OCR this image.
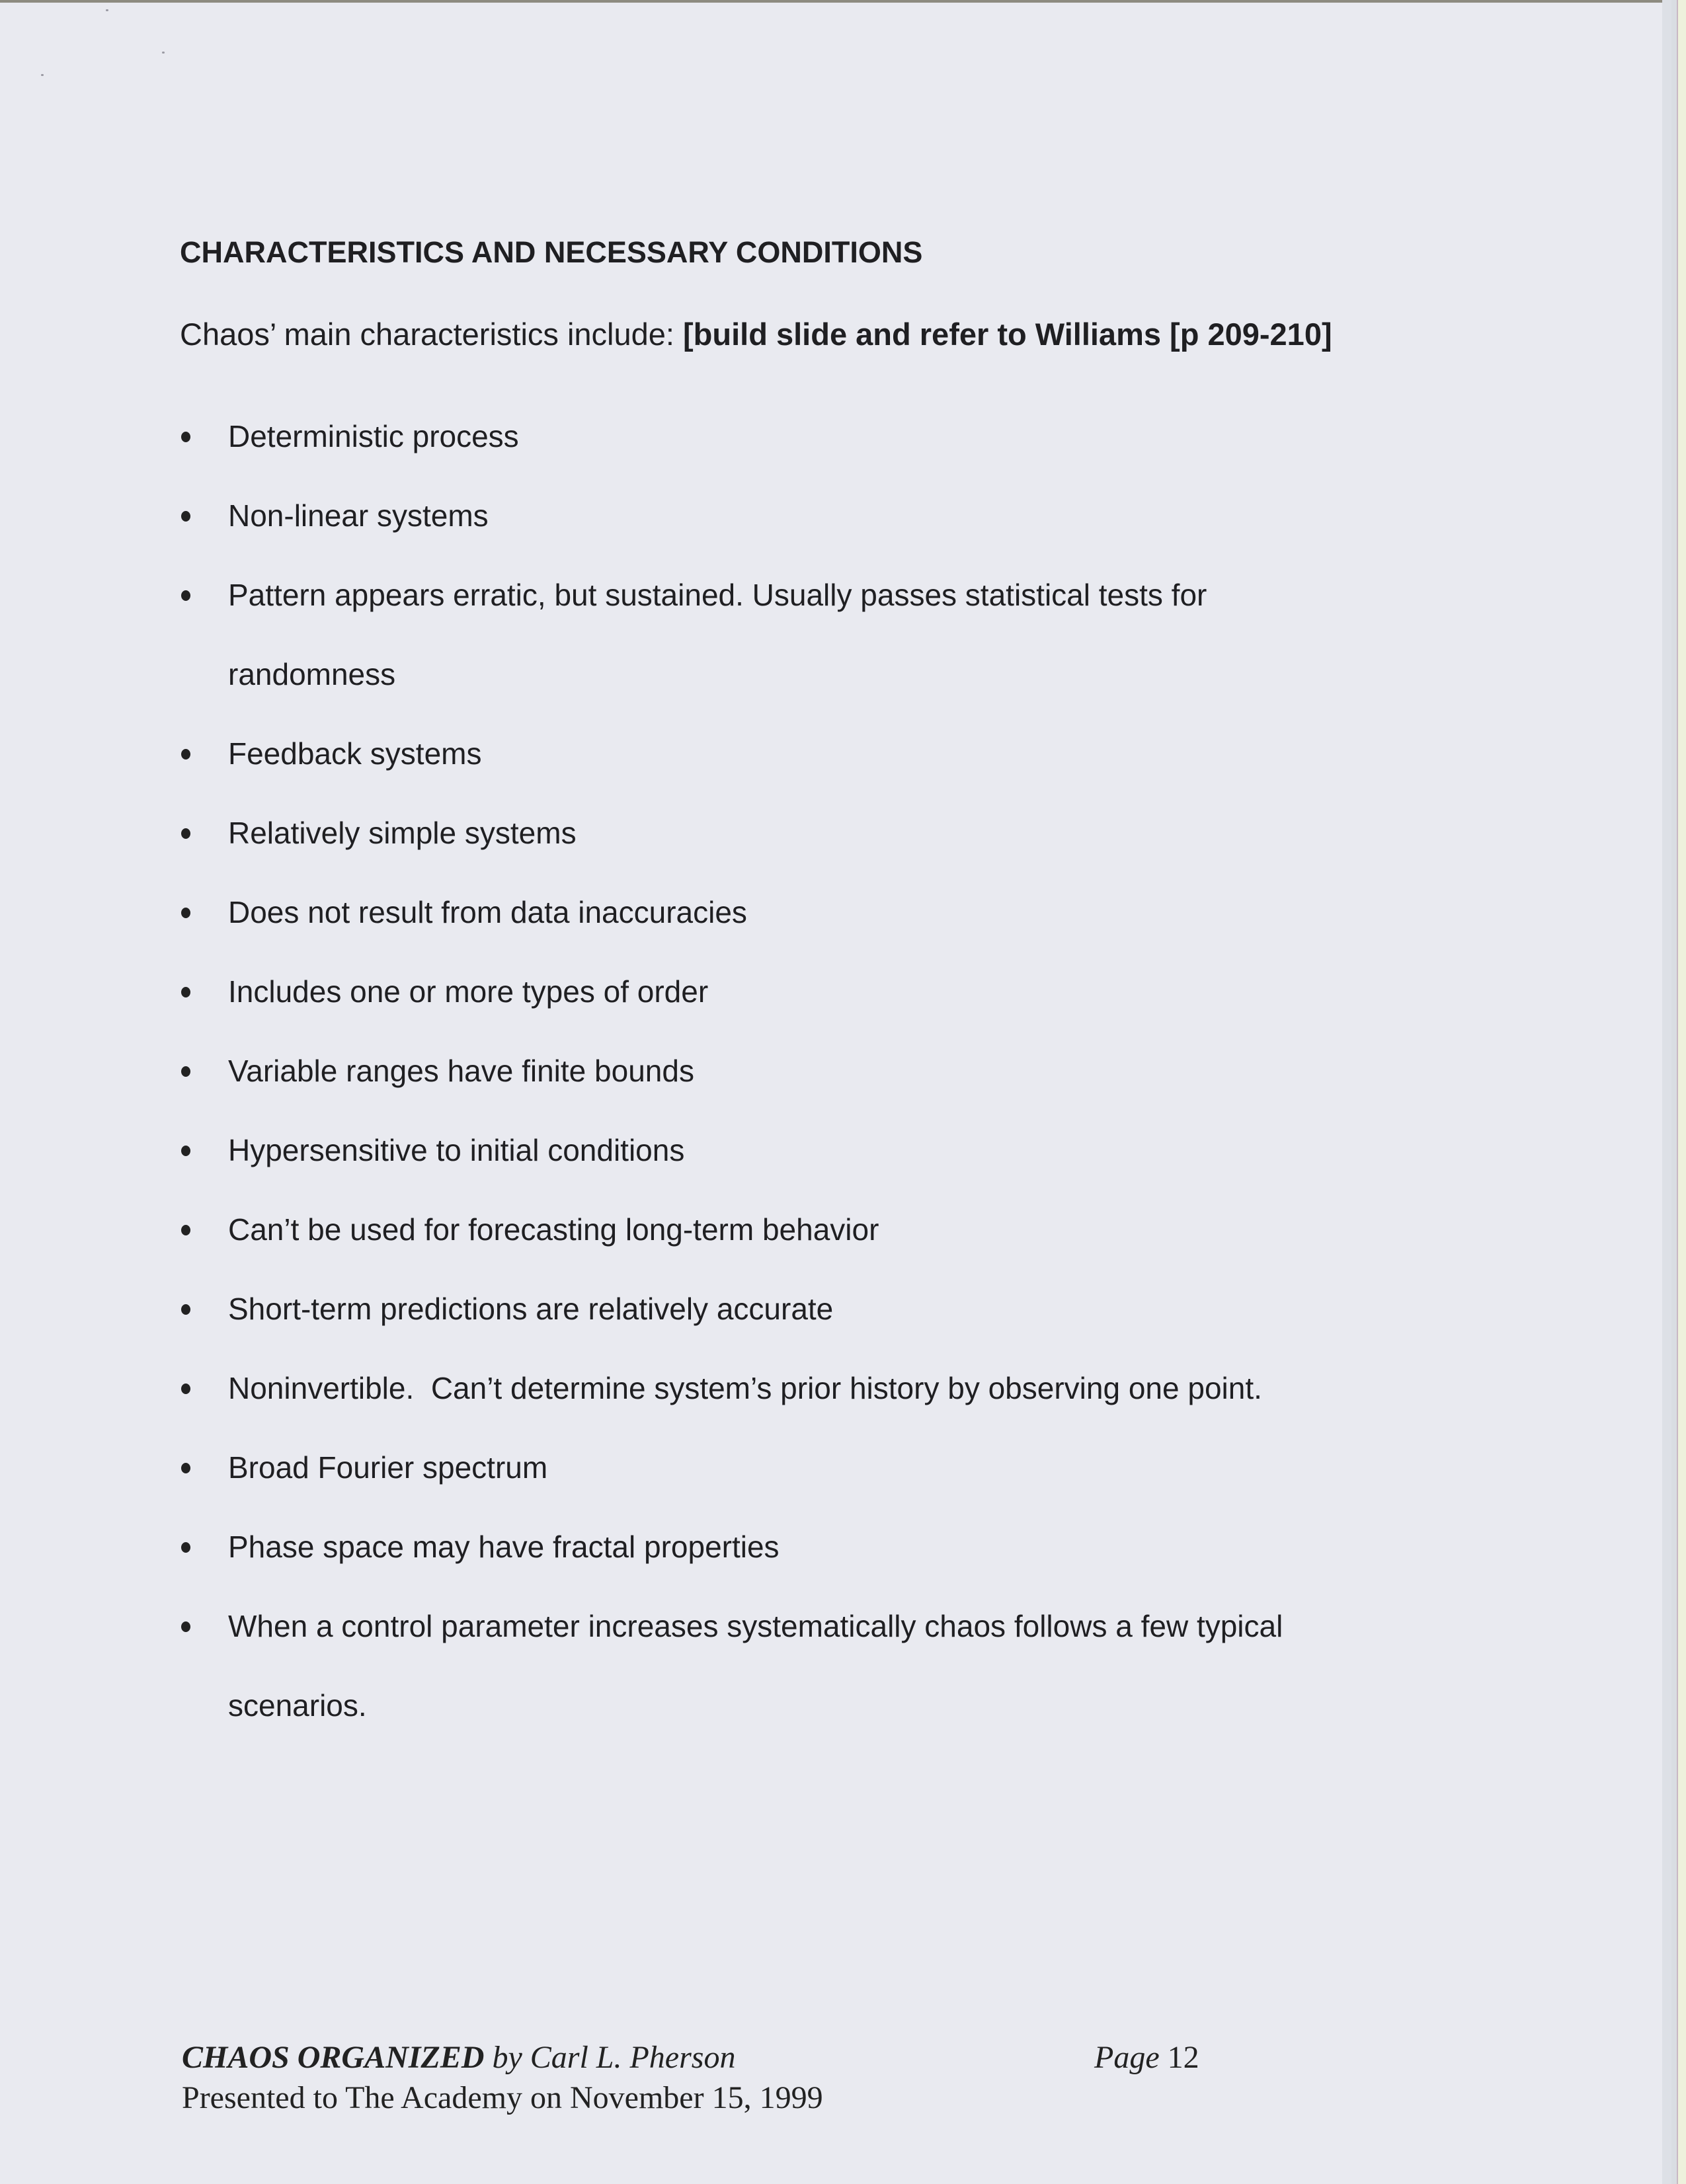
CHARACTERISTICS AND NECESSARY CONDITIONS
Chaos’ main characteristics include: [build slide and refer to Williams [p 209-210]
Deterministic process
Non-linear systems
Pattern appears erratic, but sustained. Usually passes statistical tests for
randomness
Feedback systems
Relatively simple systems
Does not result from data inaccuracies
Includes one or more types of order
Variable ranges have finite bounds
Hypersensitive to initial conditions
Can’t be used for forecasting long-term behavior
Short-term predictions are relatively accurate
Noninvertible.  Can’t determine system’s prior history by observing one point.
Broad Fourier spectrum
Phase space may have fractal properties
When a control parameter increases systematically chaos follows a few typical
scenarios.
CHAOS ORGANIZED by Carl L. Pherson
Presented to The Academy on November 15, 1999
Page 12
